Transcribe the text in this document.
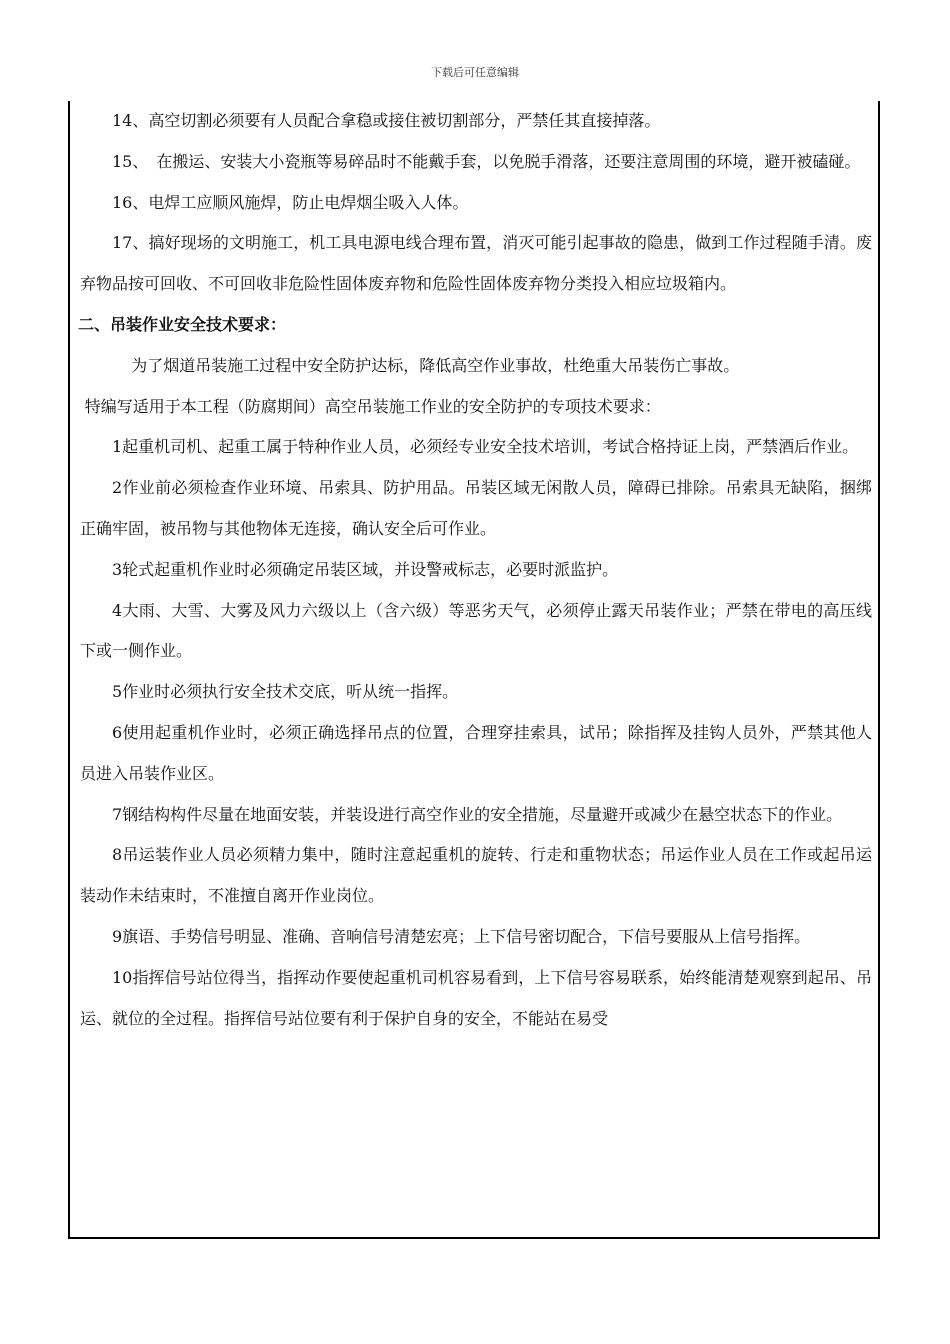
下载后可任意编辑

14、高空切割必须要有人员配合拿稳或接住被切割部分，严禁任其直接掉落。

15、　在搬运、安装大小瓷瓶等易碎品时不能戴手套，以免脱手滑落，还要注意周围的环境，避开被磕碰。

16、电焊工应顺风施焊，防止电焊烟尘吸入人体。

17、搞好现场的文明施工，机工具电源电线合理布置，消灭可能引起事故的隐患，做到工作过程随手清。废弃物品按可回收、不可回收非危险性固体废弃物和危险性固体废弃物分类投入相应垃圾箱内。

二、吊装作业安全技术要求：

为了烟道吊装施工过程中安全防护达标，降低高空作业事故，杜绝重大吊装伤亡事故。

特编写适用于本工程（防腐期间）高空吊装施工作业的安全防护的专项技术要求：

1起重机司机、起重工属于特种作业人员，必须经专业安全技术培训，考试合格持证上岗，严禁酒后作业。

2作业前必须检查作业环境、吊索具、防护用品。吊装区域无闲散人员，障碍已排除。吊索具无缺陷，捆绑正确牢固，被吊物与其他物体无连接，确认安全后可作业。

3轮式起重机作业时必须确定吊装区域，并设警戒标志，必要时派监护。

4大雨、大雪、大雾及风力六级以上（含六级）等恶劣天气，必须停止露天吊装作业；严禁在带电的高压线下或一侧作业。

5作业时必须执行安全技术交底，听从统一指挥。

6使用起重机作业时，必须正确选择吊点的位置，合理穿挂索具，试吊；除指挥及挂钩人员外，严禁其他人员进入吊装作业区。

7钢结构构件尽量在地面安装，并装设进行高空作业的安全措施，尽量避开或减少在悬空状态下的作业。

8吊运装作业人员必须精力集中，随时注意起重机的旋转、行走和重物状态；吊运作业人员在工作或起吊运装动作未结束时，不准擅自离开作业岗位。

9旗语、手势信号明显、准确、音响信号清楚宏亮；上下信号密切配合，下信号要服从上信号指挥。

10指挥信号站位得当，指挥动作要使起重机司机容易看到，上下信号容易联系，始终能清楚观察到起吊、吊运、就位的全过程。指挥信号站位要有利于保护自身的安全，不能站在易受
